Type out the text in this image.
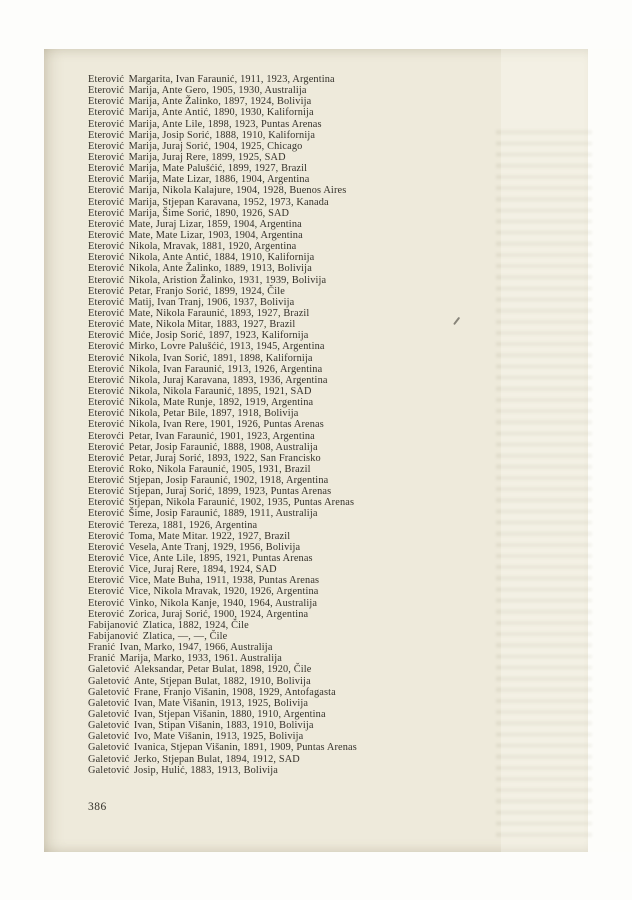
Eterović Margarita, Ivan Faraunić, 1911, 1923, Argentina
Eterović Marija, Ante Gero, 1905, 1930, Australija
Eterović Marija, Ante Žalinko, 1897, 1924, Bolivija
Eterović Marija, Ante Antić, 1890, 1930, Kalifornija
Eterović Marija, Ante Lile, 1898, 1923, Puntas Arenas
Eterović Marija, Josip Sorić, 1888, 1910, Kalifornija
Eterović Marija, Juraj Sorić, 1904, 1925, Chicago
Eterović Marija, Juraj Rere, 1899, 1925, SAD
Eterović Marija, Mate Palušćić, 1899, 1927, Brazil
Eterović Marija, Mate Lizar, 1886, 1904, Argentina
Eterović Marija, Nikola Kalajure, 1904, 1928, Buenos Aires
Eterović Marija, Stjepan Karavana, 1952, 1973, Kanada
Eterović Marija, Šime Sorić, 1890, 1926, SAD
Eterović Mate, Juraj Lizar, 1859, 1904, Argentina
Eterović Mate, Mate Lizar, 1903, 1904, Argentina
Eterović Nikola, Mravak, 1881, 1920, Argentina
Eterović Nikola, Ante Antić, 1884, 1910, Kalifornija
Eterović Nikola, Ante Žalinko, 1889, 1913, Bolivija
Eterović Nikola, Aristion Žalinko, 1931, 1939, Bolivija
Eterović Petar, Franjo Sorić, 1899, 1924, Čile
Eterović Matij, Ivan Tranj, 1906, 1937, Bolivija
Eterović Mate, Nikola Faraunić, 1893, 1927, Brazil
Eterović Mate, Nikola Mitar, 1883, 1927, Brazil
Eterović Miće, Josip Sorić, 1897, 1923, Kalifornija
Eterović Mirko, Lovre Palušćić, 1913, 1945, Argentina
Eterović Nikola, Ivan Sorić, 1891, 1898, Kalifornija
Eterović Nikola, Ivan Faraunić, 1913, 1926, Argentina
Eterović Nikola, Juraj Karavana, 1893, 1936, Argentina
Eterović Nikola, Nikola Faraunić, 1895, 1921, SAD
Eterović Nikola, Mate Runje, 1892, 1919, Argentina
Eterović Nikola, Petar Bile, 1897, 1918, Bolivija
Eterović Nikola, Ivan Rere, 1901, 1926, Puntas Arenas
Eterovći Petar, Ivan Faraunić, 1901, 1923, Argentina
Eterović Petar, Josip Faraunić, 1888, 1908, Australija
Eterović Petar, Juraj Sorić, 1893, 1922, San Francisko
Eterović Roko, Nikola Faraunić, 1905, 1931, Brazil
Eterović Stjepan, Josip Faraunić, 1902, 1918, Argentina
Eterović Stjepan, Juraj Sorić, 1899, 1923, Puntas Arenas
Eterović Stjepan, Nikola Faraunić, 1902, 1935, Puntas Arenas
Eterović Šime, Josip Faraunić, 1889, 1911, Australija
Eterović Tereza, 1881, 1926, Argentina
Eterović Toma, Mate Mitar. 1922, 1927, Brazil
Eterović Vesela, Ante Tranj, 1929, 1956, Bolivija
Eterović Vice, Ante Lile, 1895, 1921, Puntas Arenas
Eterović Vice, Juraj Rere, 1894, 1924, SAD
Eterović Vice, Mate Buha, 1911, 1938, Puntas Arenas
Eterović Vice, Nikola Mravak, 1920, 1926, Argentina
Eterović Vinko, Nikola Kanje, 1940, 1964, Australija
Eterović Zorica, Juraj Sorić, 1900, 1924, Argentina
Fabijanović Zlatica, 1882, 1924, Čile
Fabijanović Zlatica, —, —, Čile
Franić Ivan, Marko, 1947, 1966, Australija
Franić Marija, Marko, 1933, 1961. Australija
Galetović Aleksandar, Petar Bulat, 1898, 1920, Čile
Galetović Ante, Stjepan Bulat, 1882, 1910, Bolivija
Galetović Frane, Franjo Višanin, 1908, 1929, Antofagasta
Galetović Ivan, Mate Višanin, 1913, 1925, Bolivija
Galetović Ivan, Stjepan Višanin, 1880, 1910, Argentina
Galetović Ivan, Stipan Višanin, 1883, 1910, Bolivija
Galetović Ivo, Mate Višanin, 1913, 1925, Bolivija
Galetović Ivanica, Stjepan Višanin, 1891, 1909, Puntas Arenas
Galetović Jerko, Stjepan Bulat, 1894, 1912, SAD
Galetović Josip, Hulić, 1883, 1913, Bolivija
386
